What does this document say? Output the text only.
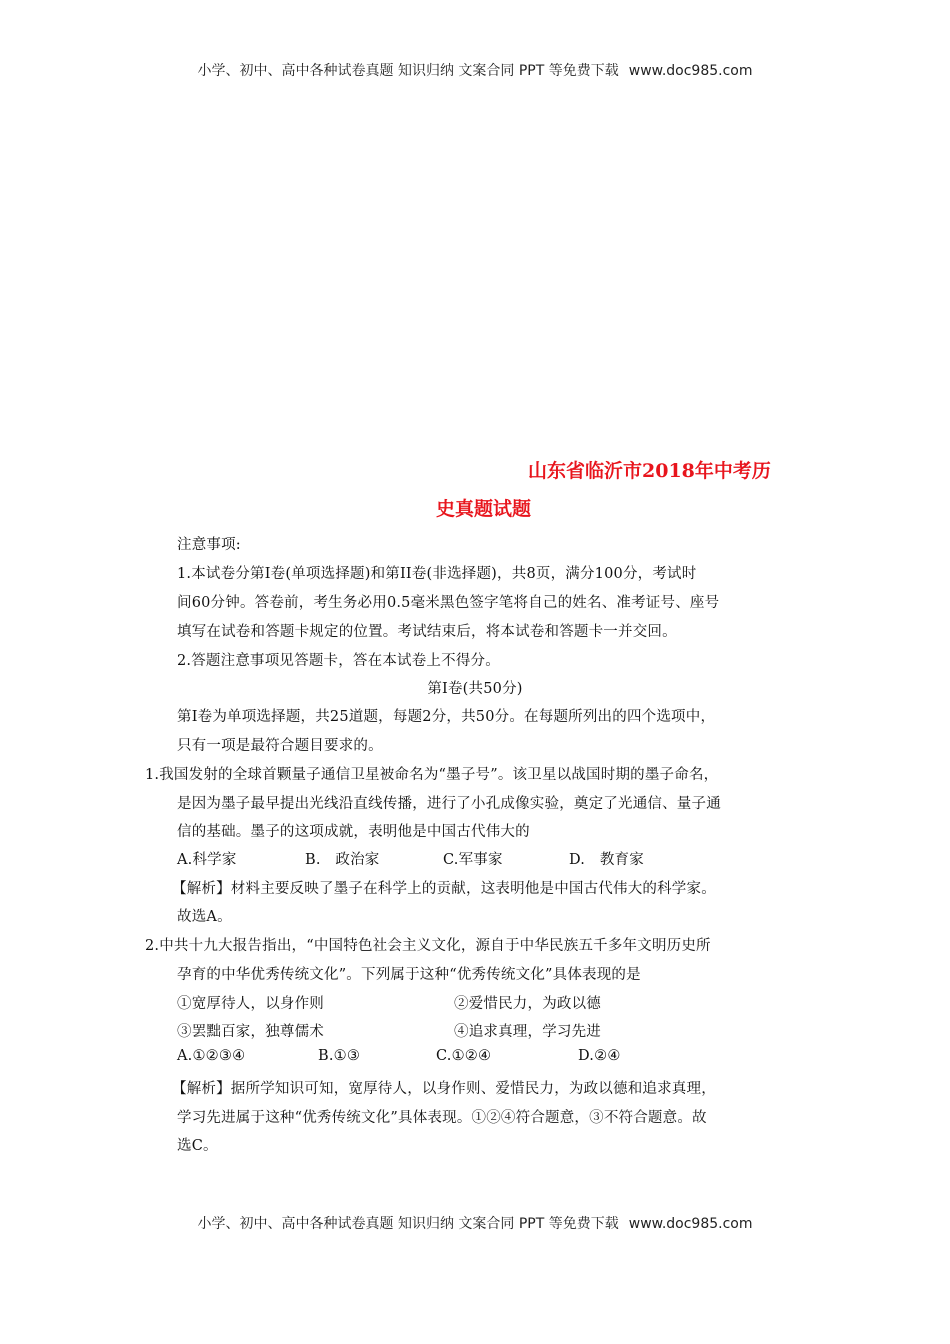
小学、初中、高中各种试卷真题 知识归纳 文案合同 PPT 等免费下载 www.doc985.com
山东省临沂市2018年中考历
史真题试题
注意事项:
1.本试卷分第Ⅰ卷(单项选择题)和第II卷(非选择题)，共8页，满分100分，考试时
间60分钟。答卷前，考生务必用0.5毫米黑色签字笔将自己的姓名、准考证号、座号
填写在试卷和答题卡规定的位置。考试结束后，将本试卷和答题卡一并交回。
2.答题注意事项见答题卡，答在本试卷上不得分。
第Ⅰ卷(共50分)
第Ⅰ卷为单项选择题，共25道题，每题2分，共50分。在每题所列出的四个选项中，
只有一项是最符合题目要求的。
1.我国发射的全球首颗量子通信卫星被命名为“墨子号”。该卫星以战国时期的墨子命名，
是因为墨子最早提出光线沿直线传播，进行了小孔成像实验，奠定了光通信、量子通
信的基础。墨子的这项成就，表明他是中国古代伟大的
A.科学家	B.　政治家	C.军事家	D.　教育家
【解析】材料主要反映了墨子在科学上的贡献，这表明他是中国古代伟大的科学家。
故选A。
2.中共十九大报告指出，“中国特色社会主义文化，源自于中华民族五千多年文明历史所
孕育的中华优秀传统文化”。下列属于这种“优秀传统文化”具体表现的是
①宽厚待人，以身作则	②爱惜民力，为政以德
③罢黜百家，独尊儒术	④追求真理，学习先进
A.①②③④	B.①③	C.①②④	D.②④
【解析】据所学知识可知，宽厚待人，以身作则、爱惜民力，为政以德和追求真理，
学习先进属于这种“优秀传统文化”具体表现。①②④符合题意，③不符合题意。故
选C。
小学、初中、高中各种试卷真题 知识归纳 文案合同 PPT 等免费下载 www.doc985.com
